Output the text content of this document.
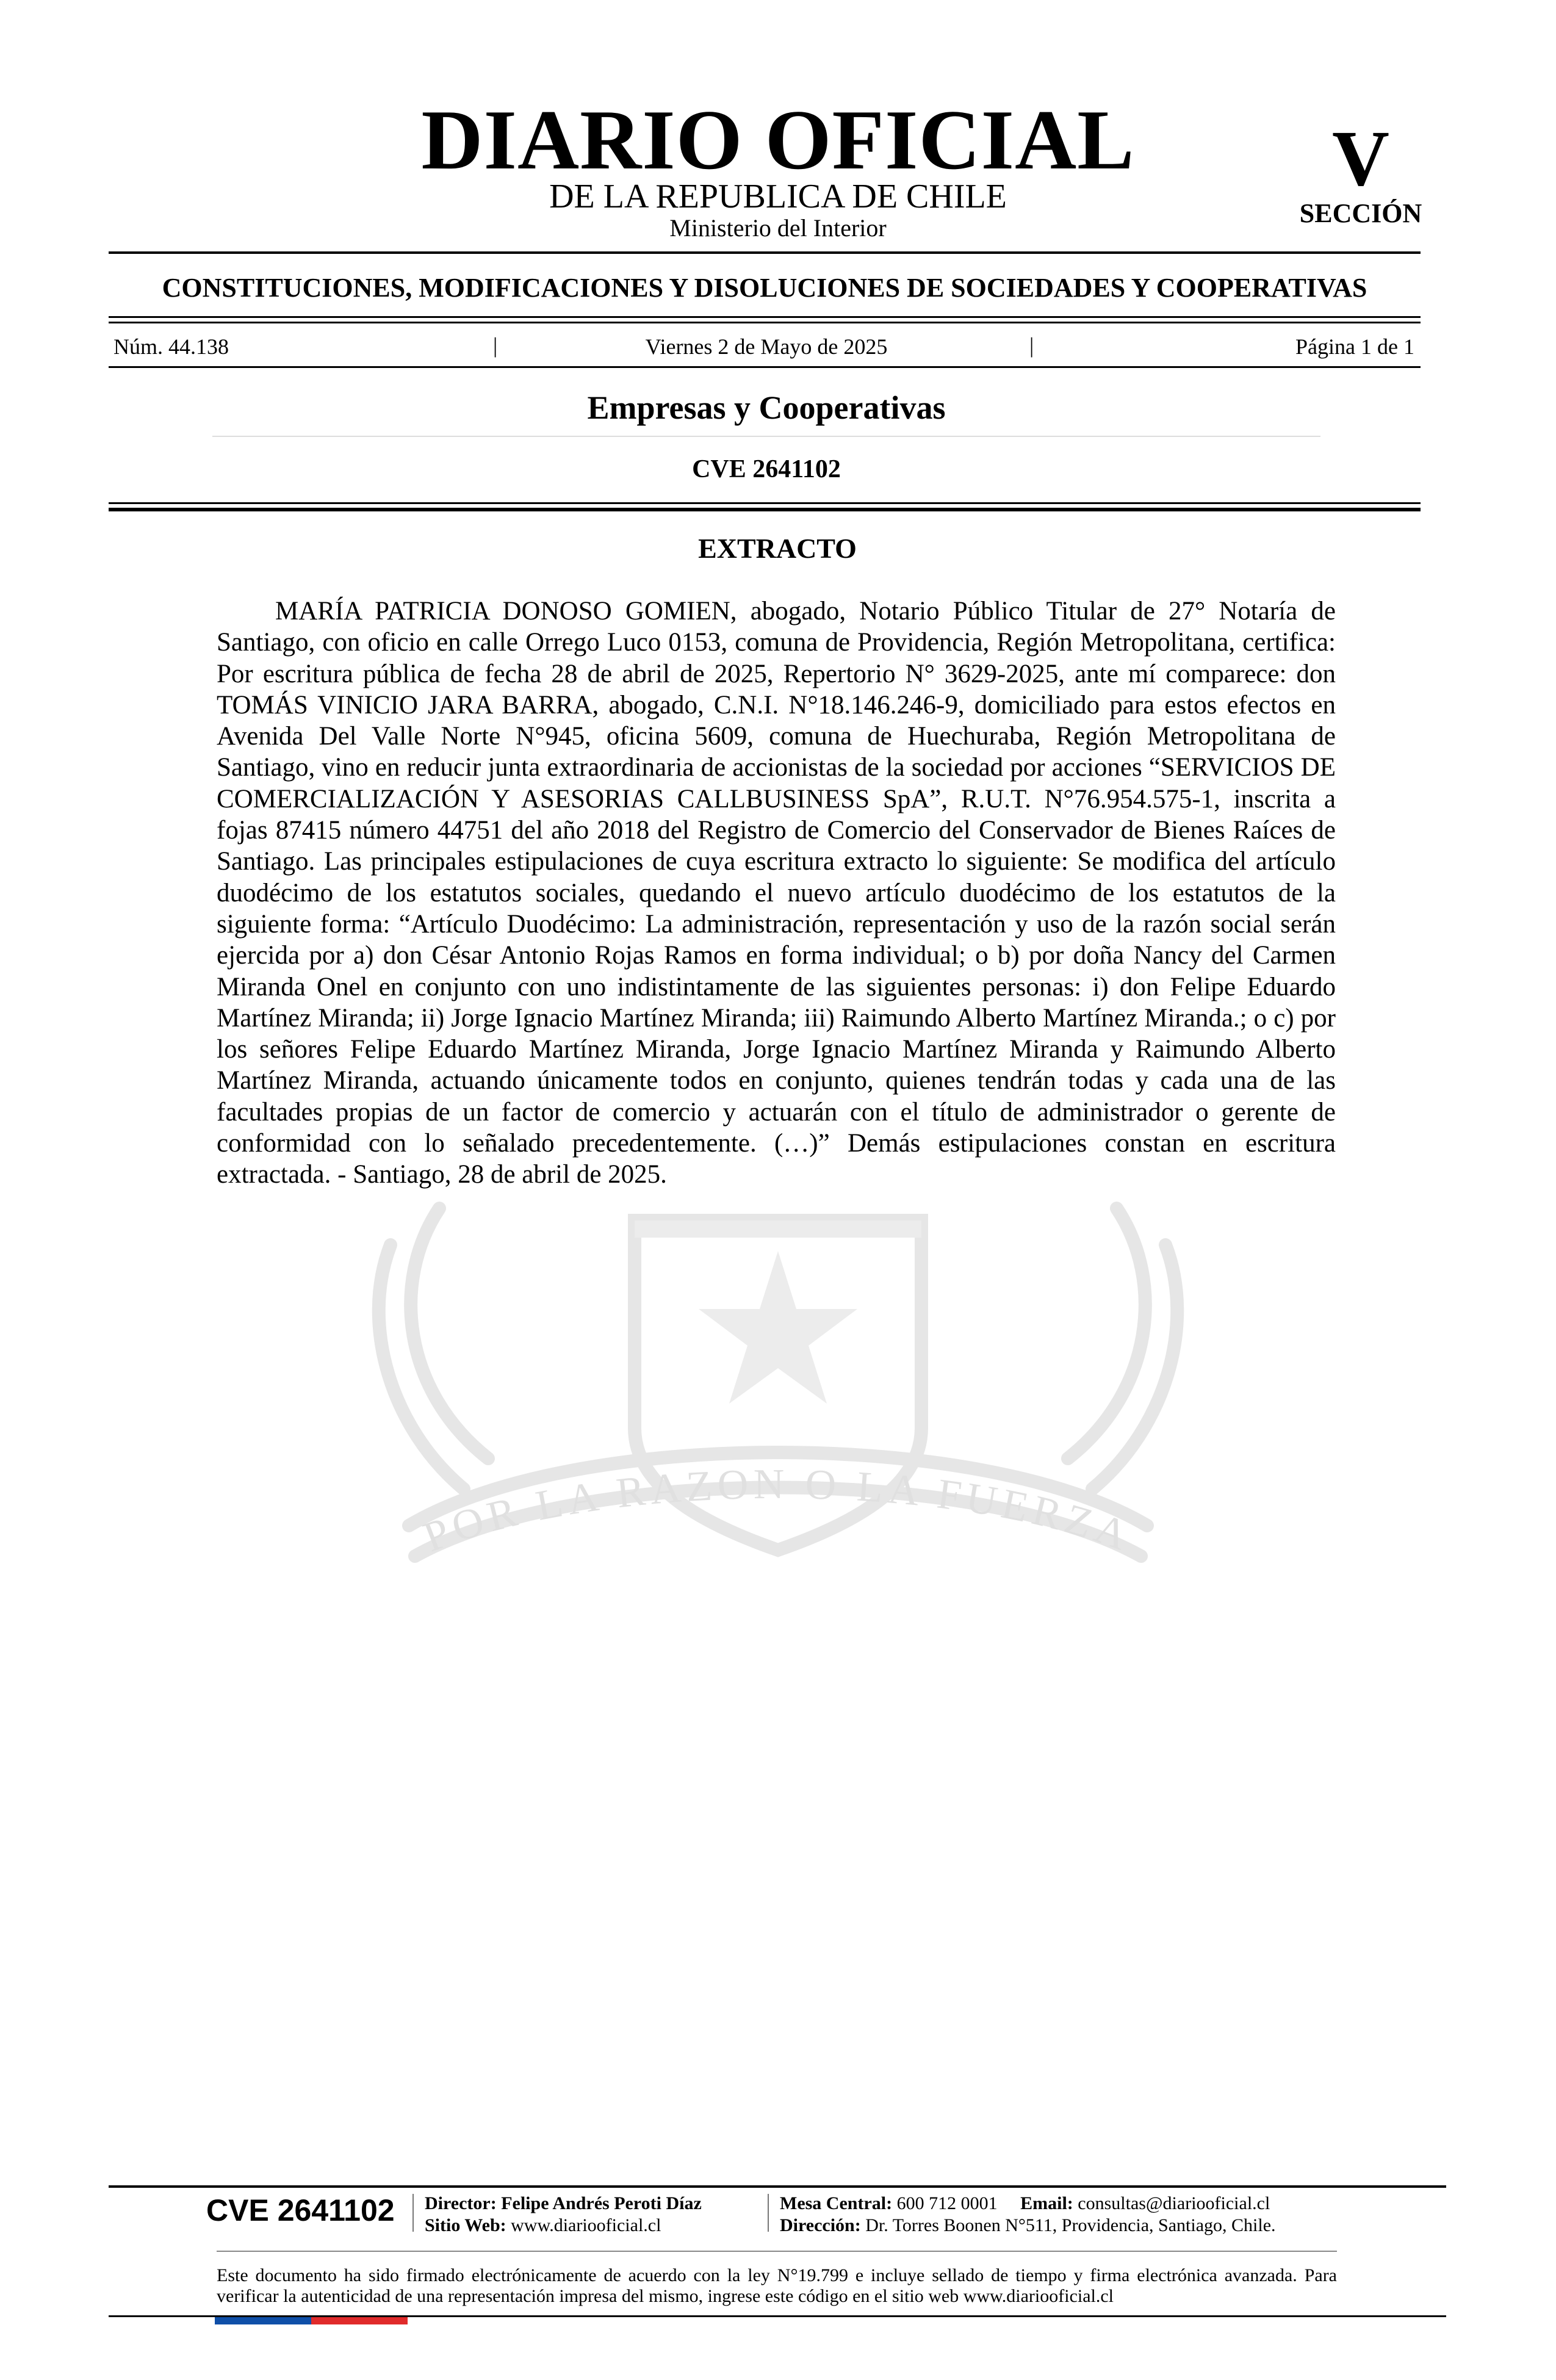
DIARIO OFICIAL
DE LA REPUBLICA DE CHILE
Ministerio del Interior
V
SECCIÓN
CONSTITUCIONES, MODIFICACIONES Y DISOLUCIONES DE SOCIEDADES Y COOPERATIVAS
Núm. 44.138	|	Viernes 2 de Mayo de 2025	|	Página 1 de 1
Empresas y Cooperativas
CVE 2641102
POR LA RAZON O LA FUERZA
EXTRACTO

MARÍA PATRICIA DONOSO GOMIEN, abogado, Notario Público Titular de 27° Notaría de Santiago, con oficio en calle Orrego Luco 0153, comuna de Providencia, Región Metropolitana, certifica: Por escritura pública de fecha 28 de abril de 2025, Repertorio N° 3629-2025, ante mí comparece: don TOMÁS VINICIO JARA BARRA, abogado, C.N.I. N°18.146.246-9, domiciliado para estos efectos en Avenida Del Valle Norte N°945, oficina 5609, comuna de Huechuraba, Región Metropolitana de Santiago, vino en reducir junta extraordinaria de accionistas de la sociedad por acciones “SERVICIOS DE COMERCIALIZACIÓN Y ASESORIAS CALLBUSINESS SpA”, R.U.T. N°76.954.575-1, inscrita a fojas 87415 número 44751 del año 2018 del Registro de Comercio del Conservador de Bienes Raíces de Santiago. Las principales estipulaciones de cuya escritura extracto lo siguiente: Se modifica del artículo duodécimo de los estatutos sociales, quedando el nuevo artículo duodécimo de los estatutos de la siguiente forma: “Artículo Duodécimo: La administración, representación y uso de la razón social serán ejercida por a) don César Antonio Rojas Ramos en forma individual; o b) por doña Nancy del Carmen Miranda Onel en conjunto con uno indistintamente de las siguientes personas: i) don Felipe Eduardo Martínez Miranda; ii) Jorge Ignacio Martínez Miranda; iii) Raimundo Alberto Martínez Miranda.; o c) por los señores Felipe Eduardo Martínez Miranda, Jorge Ignacio Martínez Miranda y Raimundo Alberto Martínez Miranda, actuando únicamente todos en conjunto, quienes tendrán todas y cada una de las facultades propias de un factor de comercio y actuarán con el título de administrador o gerente de conformidad con lo señalado precedentemente. (…)” Demás estipulaciones constan en escritura extractada. - Santiago, 28 de abril de 2025.

CVE 2641102 Director: Felipe Andrés Peroti Díaz
Sitio Web: www.diariooficial.cl
Mesa Central: 600 712 0001 Email: consultas@diariooficial.cl
Dirección: Dr. Torres Boonen N°511, Providencia, Santiago, Chile.

Este documento ha sido firmado electrónicamente de acuerdo con la ley N°19.799 e incluye sellado de tiempo y firma electrónica avanzada. Para verificar la autenticidad de una representación impresa del mismo, ingrese este código en el sitio web www.diariooficial.cl
